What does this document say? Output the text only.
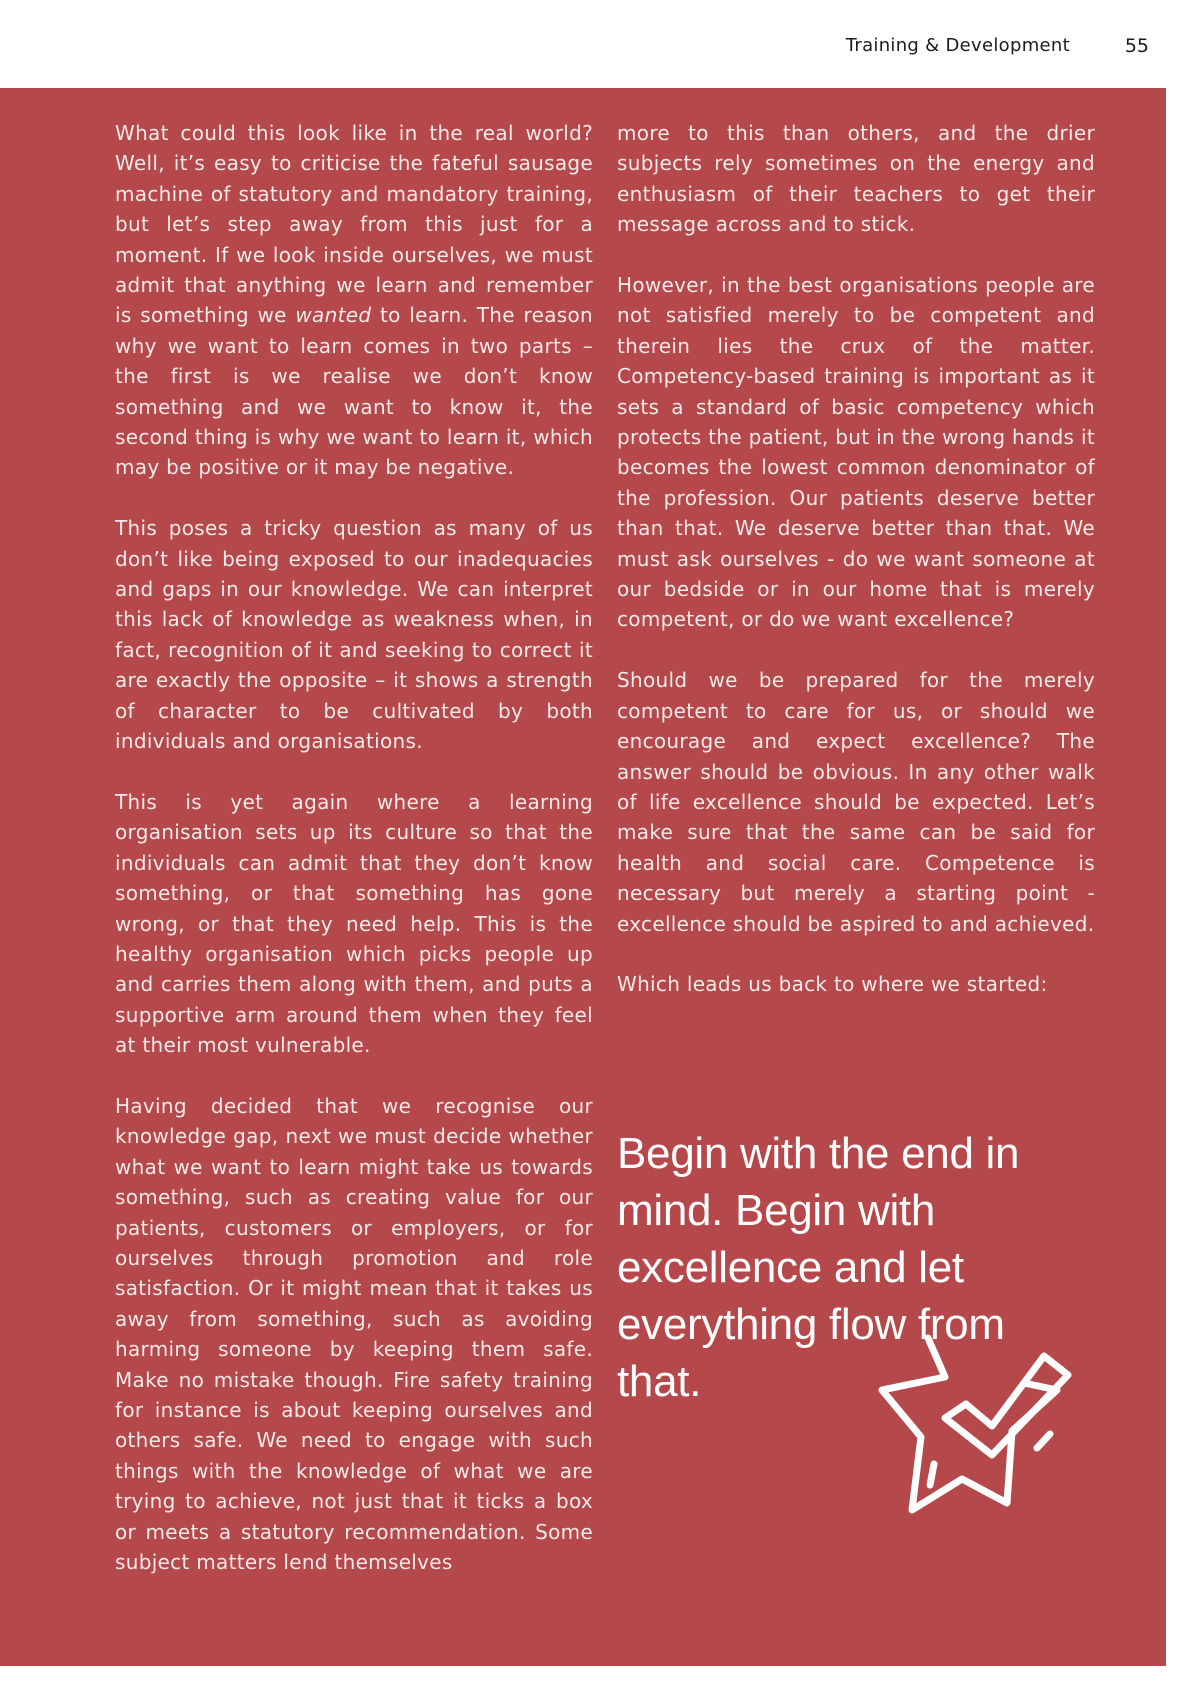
Training & Development	55

What could this look like in the real world? Well, it’s easy to criticise the fateful sausage machine of statutory and mandatory training, but let’s step away from this just for a moment. If we look inside ourselves, we must admit that anything we learn and remember is something we wanted to learn. The reason why we want to learn comes in two parts – the first is we realise we don’t know something and we want to know it, the second thing is why we want to learn it, which may be positive or it may be negative.

This poses a tricky question as many of us don’t like being exposed to our inadequacies and gaps in our knowledge. We can interpret this lack of knowledge as weakness when, in fact, recognition of it and seeking to correct it are exactly the opposite – it shows a strength of character to be cultivated by both individuals and organisations.

This is yet again where a learning organisation sets up its culture so that the individuals can admit that they don’t know something, or that something has gone wrong, or that they need help. This is the healthy organisation which picks people up and carries them along with them, and puts a supportive arm around them when they feel at their most vulnerable.

Having decided that we recognise our knowledge gap, next we must decide whether what we want to learn might take us towards something, such as creating value for our patients, customers or employers, or for ourselves through promotion and role satisfaction. Or it might mean that it takes us away from something, such as avoiding harming someone by keeping them safe. Make no mistake though. Fire safety training for instance is about keeping ourselves and others safe. We need to engage with such things with the knowledge of what we are trying to achieve, not just that it ticks a box or meets a statutory recommendation. Some subject matters lend themselves

more to this than others, and the drier subjects rely sometimes on the energy and enthusiasm of their teachers to get their message across and to stick.

However, in the best organisations people are not satisfied merely to be competent and therein lies the crux of the matter. Competency-based training is important as it sets a standard of basic competency which protects the patient, but in the wrong hands it becomes the lowest common denominator of the profession. Our patients deserve better than that. We deserve better than that. We must ask ourselves - do we want someone at our bedside or in our home that is merely competent, or do we want excellence?

Should we be prepared for the merely competent to care for us, or should we encourage and expect excellence? The answer should be obvious. In any other walk of life excellence should be expected. Let’s make sure that the same can be said for health and social care. Competence is necessary but merely a starting point - excellence should be aspired to and achieved.

Which leads us back to where we started:

Begin with the end in mind. Begin with excellence and let everything flow from that.
